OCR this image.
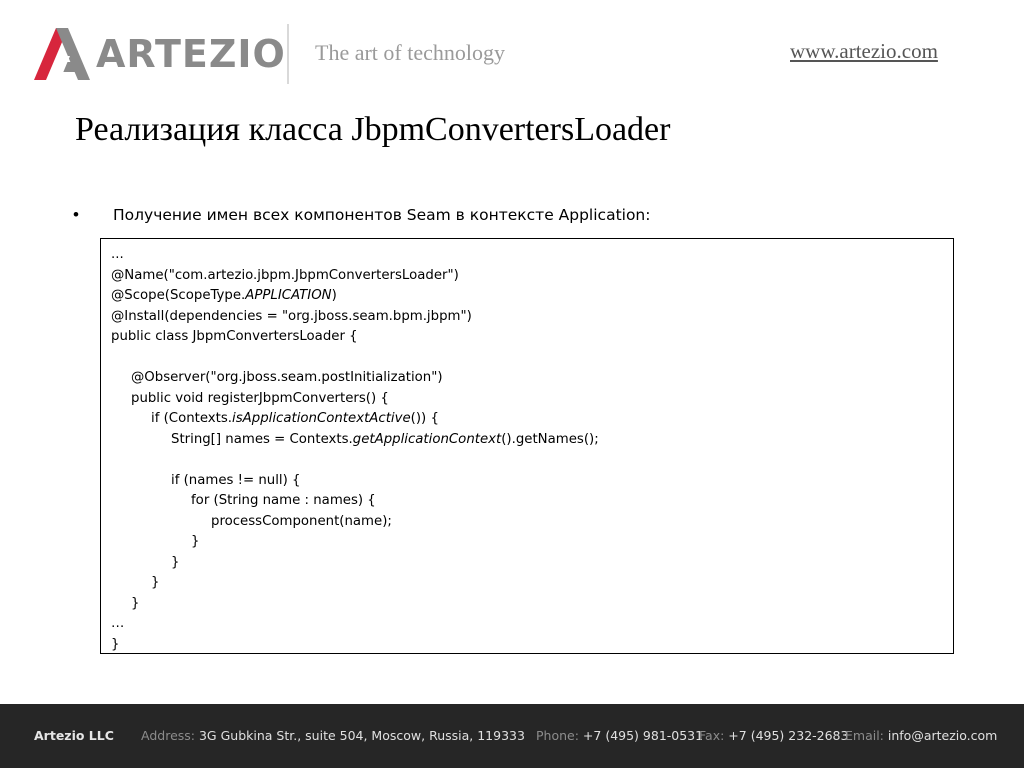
ARTEZIO The art of technology	www.artezio.com
Реализация класса JbpmConvertersLoader
• Получение имен всех компонентов Seam в контексте Application:
...
@Name("com.artezio.jbpm.JbpmConvertersLoader")
@Scope(ScopeType.APPLICATION)
@Install(dependencies = "org.jboss.seam.bpm.jbpm")
public class JbpmConvertersLoader {
@Observer("org.jboss.seam.postInitialization")
public void registerJbpmConverters() {
if (Contexts.isApplicationContextActive()) {
String[] names = Contexts.getApplicationContext().getNames();
if (names != null) {
for (String name : names) {
processComponent(name);
}
}
}
}
…
}
Artezio LLC Address: 3G Gubkina Str., suite 504, Moscow, Russia, 119333 Phone: +7 (495) 981-0531
Fax: +7 (495) 232-2683
Email: info@artezio.com
